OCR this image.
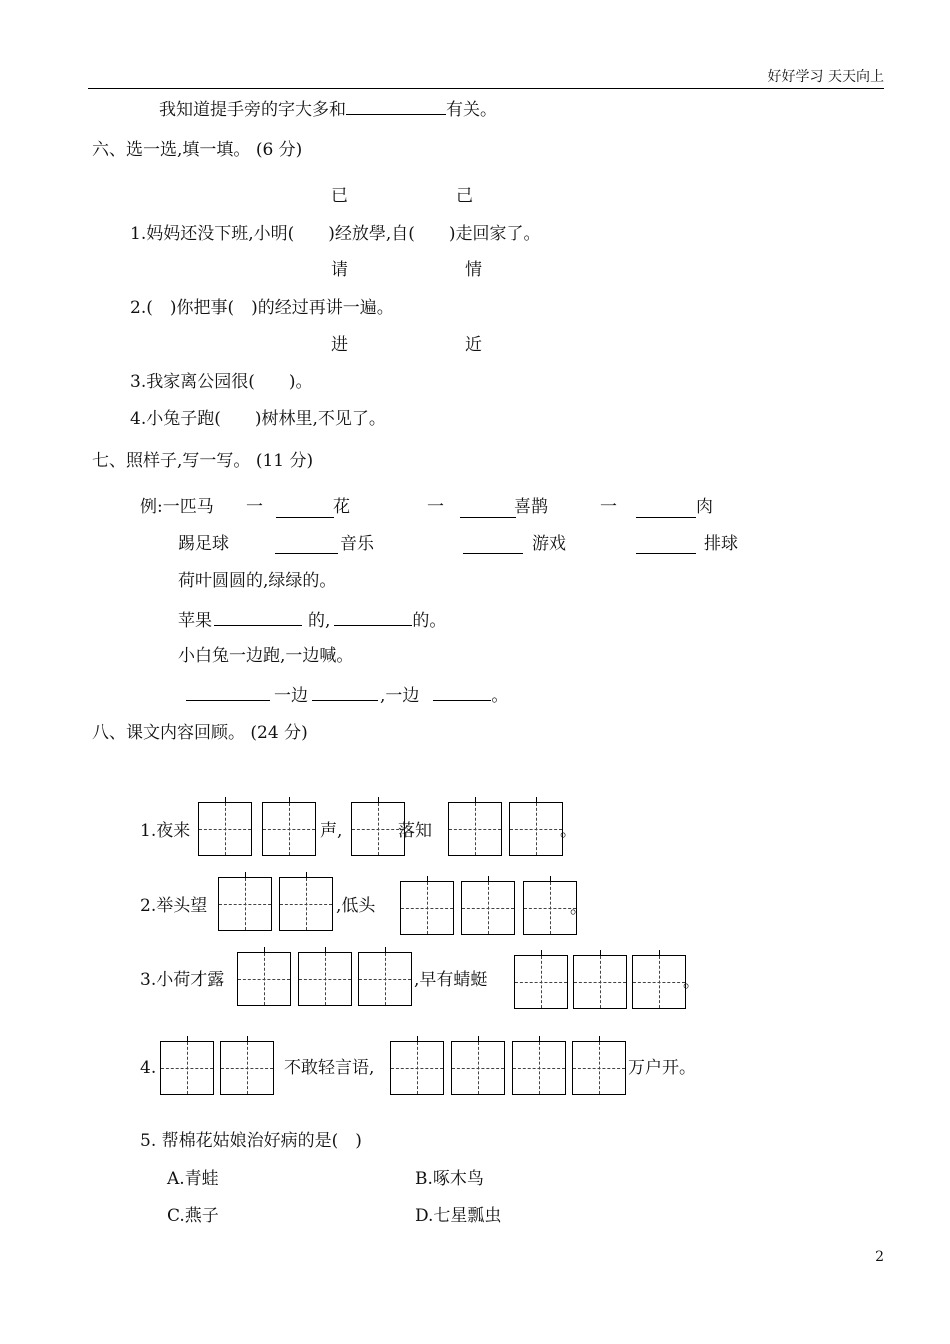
好好学习 天天向上
我知道提手旁的字大多和	有关。
六、选一选,填一填。 (6 分)
已	己
1.妈妈还没下班,小明(　　)经放學,自(　　)走回家了。
请	情
2.(　)你把事(　)的经过再讲一遍。
进	近
3.我家离公园很(　　)。
4.小兔子跑(　　)树林里,不见了。
七、照样子,写一写。 (11 分)
例:一匹马 一	花	一	喜鹊	一	肉
踢足球	音乐	游戏	排球
荷叶圆圆的,绿绿的。
苹果	的,	的。
小白兔一边跑,一边喊。
一边	,一边	。
八、课文内容回顾。 (24 分)
1.夜来	声,	落知	。
2.举头望	,低头	。
3.小荷才露	,早有蜻蜓	。
4.	不敢轻言语,	万户开。
5. 帮棉花姑娘治好病的是(　)
A.青蛙	B.啄木鸟
C.燕子	D.七星瓢虫
2
